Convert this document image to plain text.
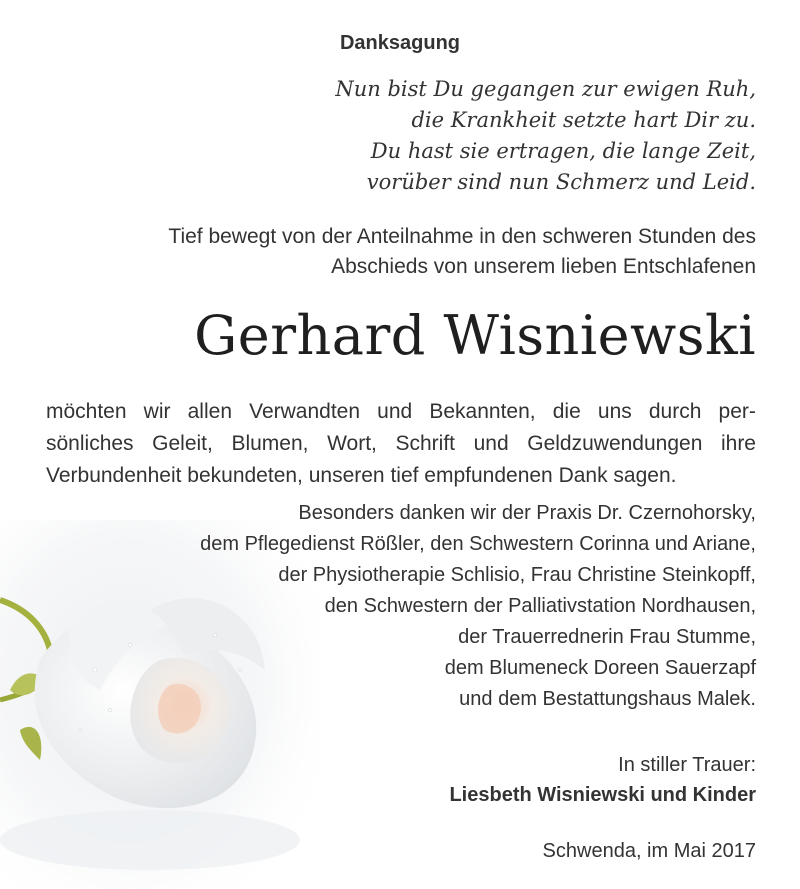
Danksagung
Nun bist Du gegangen zur ewigen Ruh,
die Krankheit setzte hart Dir zu.
Du hast sie ertragen, die lange Zeit,
vorüber sind nun Schmerz und Leid.
Tief bewegt von der Anteilnahme in den schweren Stunden des
Abschieds von unserem lieben Entschlafenen
Gerhard Wisniewski
möchten wir allen Verwandten und Bekannten, die uns durch per-
sönliches Geleit, Blumen, Wort, Schrift und Geldzuwendungen ihre
Verbundenheit bekundeten, unseren tief empfundenen Dank sagen.
Besonders danken wir der Praxis Dr. Czernohorsky,
dem Pflegedienst Rößler, den Schwestern Corinna und Ariane,
der Physiotherapie Schlisio, Frau Christine Steinkopff,
den Schwestern der Palliativstation Nordhausen,
der Trauerrednerin Frau Stumme,
dem Blumeneck Doreen Sauerzapf
und dem Bestattungshaus Malek.
In stiller Trauer:
Liesbeth Wisniewski und Kinder
Schwenda, im Mai 2017
